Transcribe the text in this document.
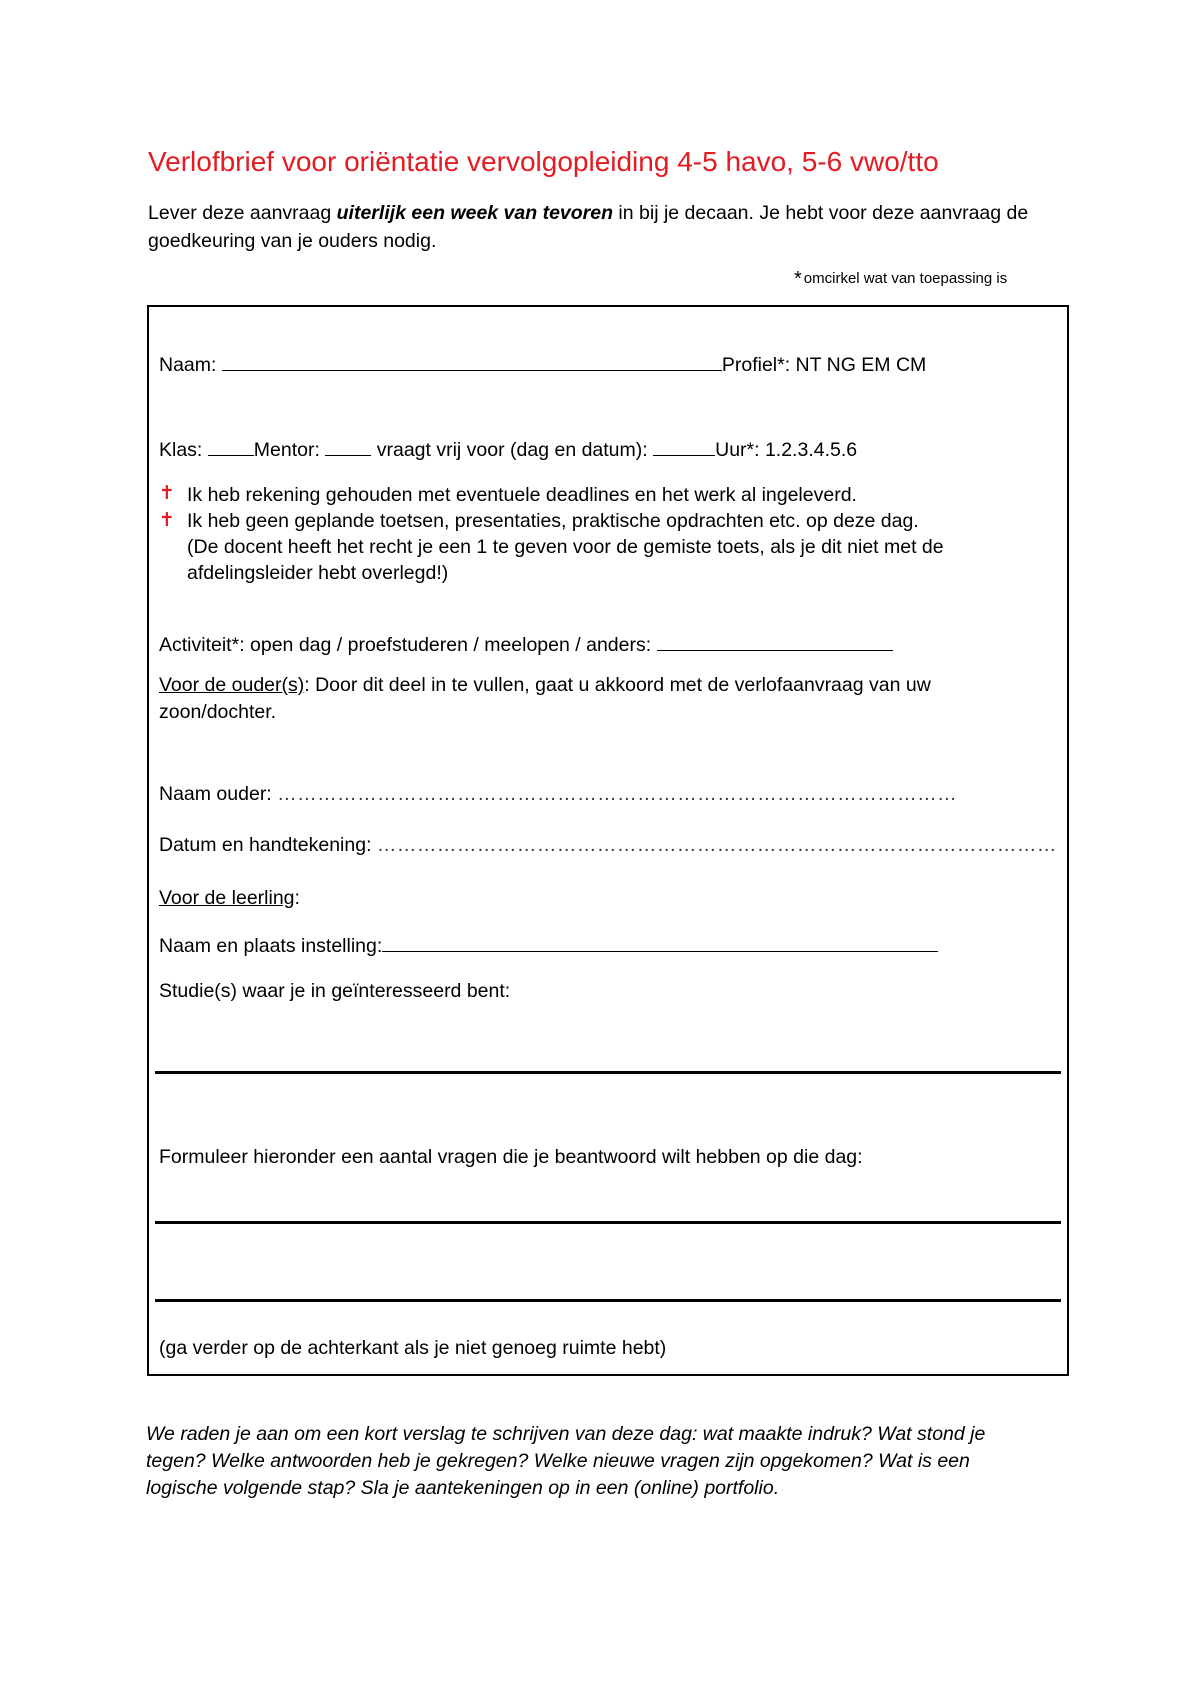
Verlofbrief voor oriëntatie vervolgopleiding 4-5 havo, 5-6 vwo/tto
Lever deze aanvraag uiterlijk een week van tevoren in bij je decaan. Je hebt voor deze aanvraag de goedkeuring van je ouders nodig.
* omcirkel wat van toepassing is
Naam:	Profiel*: NT NG EM CM
Klas:	Mentor:	vraagt vrij voor (dag en datum):	Uur*: 1.2.3.4.5.6
✝ Ik heb rekening gehouden met eventuele deadlines en het werk al ingeleverd.
✝ Ik heb geen geplande toetsen, presentaties, praktische opdrachten etc. op deze dag.
(De docent heeft het recht je een 1 te geven voor de gemiste toets, als je dit niet met de
afdelingsleider hebt overlegd!)
Activiteit*: open dag / proefstuderen / meelopen / anders:
Voor de ouder(s): Door dit deel in te vullen, gaat u akkoord met de verlofaanvraag van uw
zoon/dochter.
Naam ouder: …………………………………………………………………………………………
Datum en handtekening: …………………………………………………………………………………………
Voor de leerling:
Naam en plaats instelling:
Studie(s) waar je in geïnteresseerd bent:
Formuleer hieronder een aantal vragen die je beantwoord wilt hebben op die dag:
(ga verder op de achterkant als je niet genoeg ruimte hebt)
We raden je aan om een kort verslag te schrijven van deze dag: wat maakte indruk? Wat stond je tegen? Welke antwoorden heb je gekregen? Welke nieuwe vragen zijn opgekomen? Wat is een logische volgende stap? Sla je aantekeningen op in een (online) portfolio.
